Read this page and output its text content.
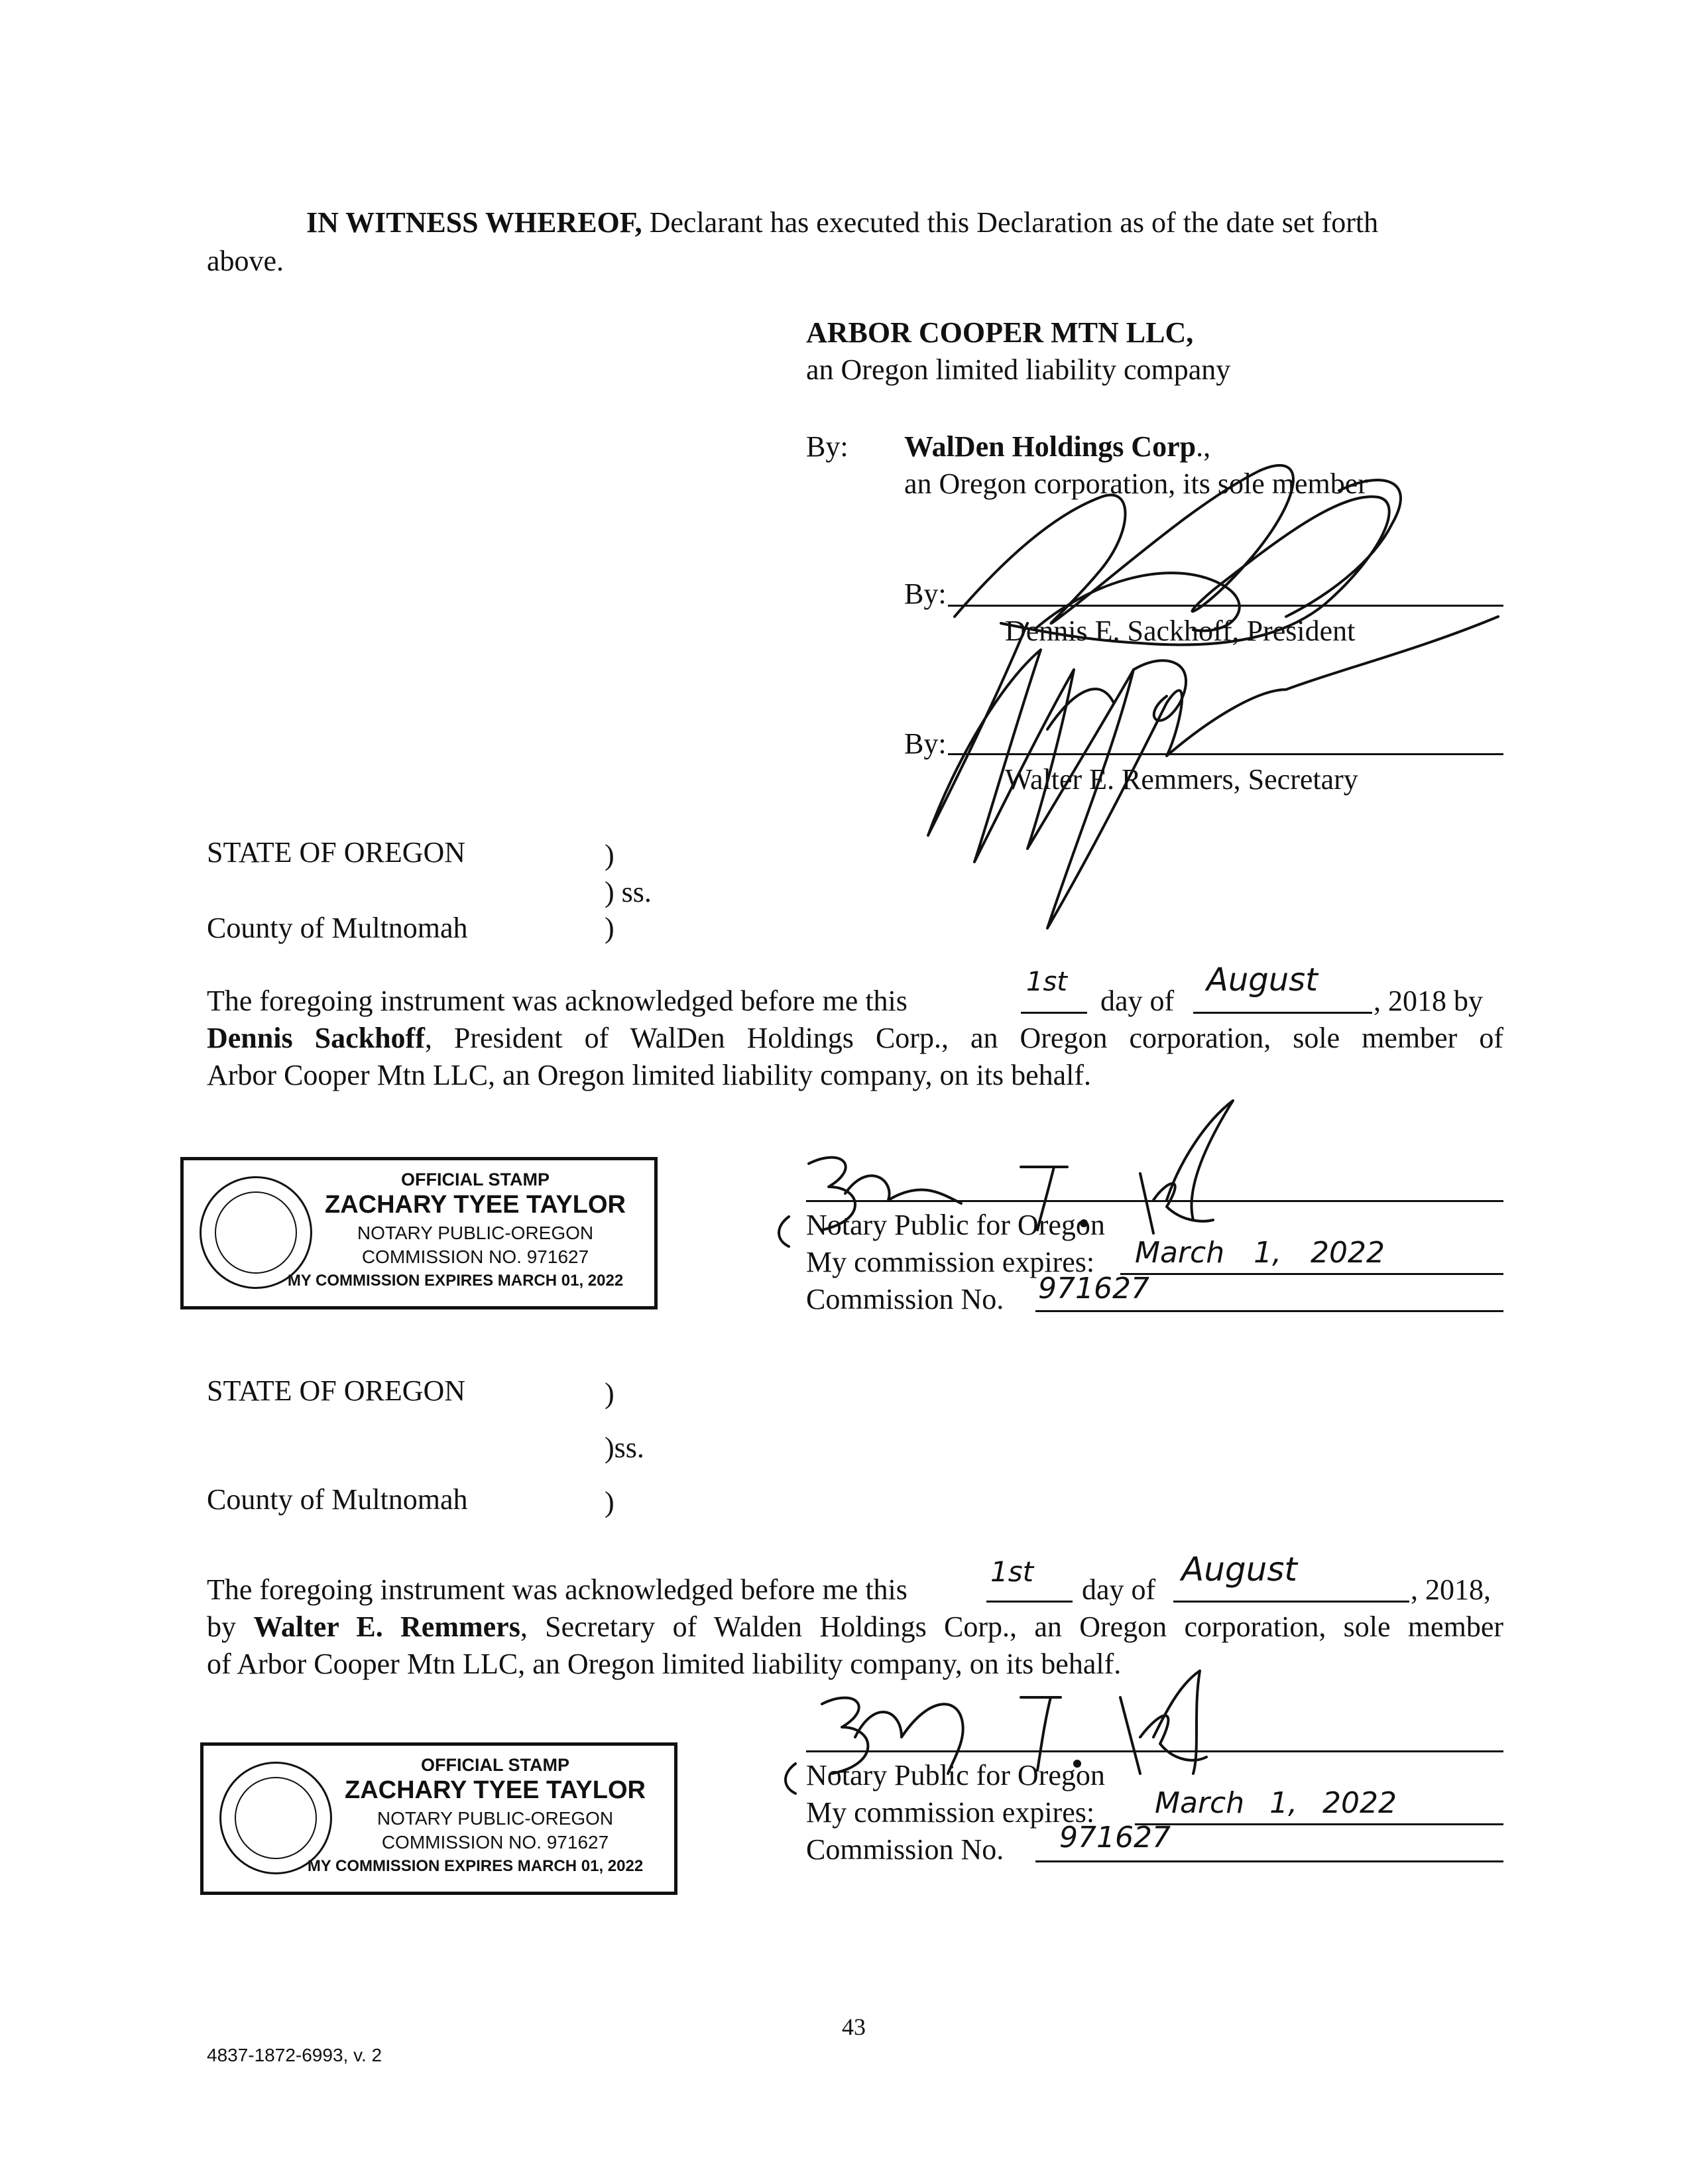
IN WITNESS WHEREOF, Declarant has executed this Declaration as of the date set forth
above.
ARBOR COOPER MTN LLC,
an Oregon limited liability company
By: WalDen Holdings Corp.,
an Oregon corporation, its sole member
By:
Dennis E. Sackhoff, President
By:
Walter E. Remmers, Secretary
STATE OF OREGON	)
) ss.
County of Multnomah	)
The foregoing instrument was acknowledged before me this
1st
day of
August
, 2018 by
Dennis Sackhoff, President of WalDen Holdings Corp., an Oregon corporation, sole member of
Arbor Cooper Mtn LLC, an Oregon limited liability company, on its behalf.
OFFICIAL STAMP
ZACHARY TYEE TAYLOR
NOTARY PUBLIC-OREGON
COMMISSION NO. 971627
MY COMMISSION EXPIRES MARCH 01, 2022
Notary Public for Oregon
My commission expires: March 1, 2022
Commission No. 971627
STATE OF OREGON	)
)ss.
County of Multnomah	)
The foregoing instrument was acknowledged before me this
1st
day of
August
, 2018,
by Walter E. Remmers, Secretary of Walden Holdings Corp., an Oregon corporation, sole member
of Arbor Cooper Mtn LLC, an Oregon limited liability company, on its behalf.
OFFICIAL STAMP
ZACHARY TYEE TAYLOR
NOTARY PUBLIC-OREGON
COMMISSION NO. 971627
MY COMMISSION EXPIRES MARCH 01, 2022
Notary Public for Oregon
My commission expires: March 1, 2022
Commission No. 971627
43
4837-1872-6993, v. 2
